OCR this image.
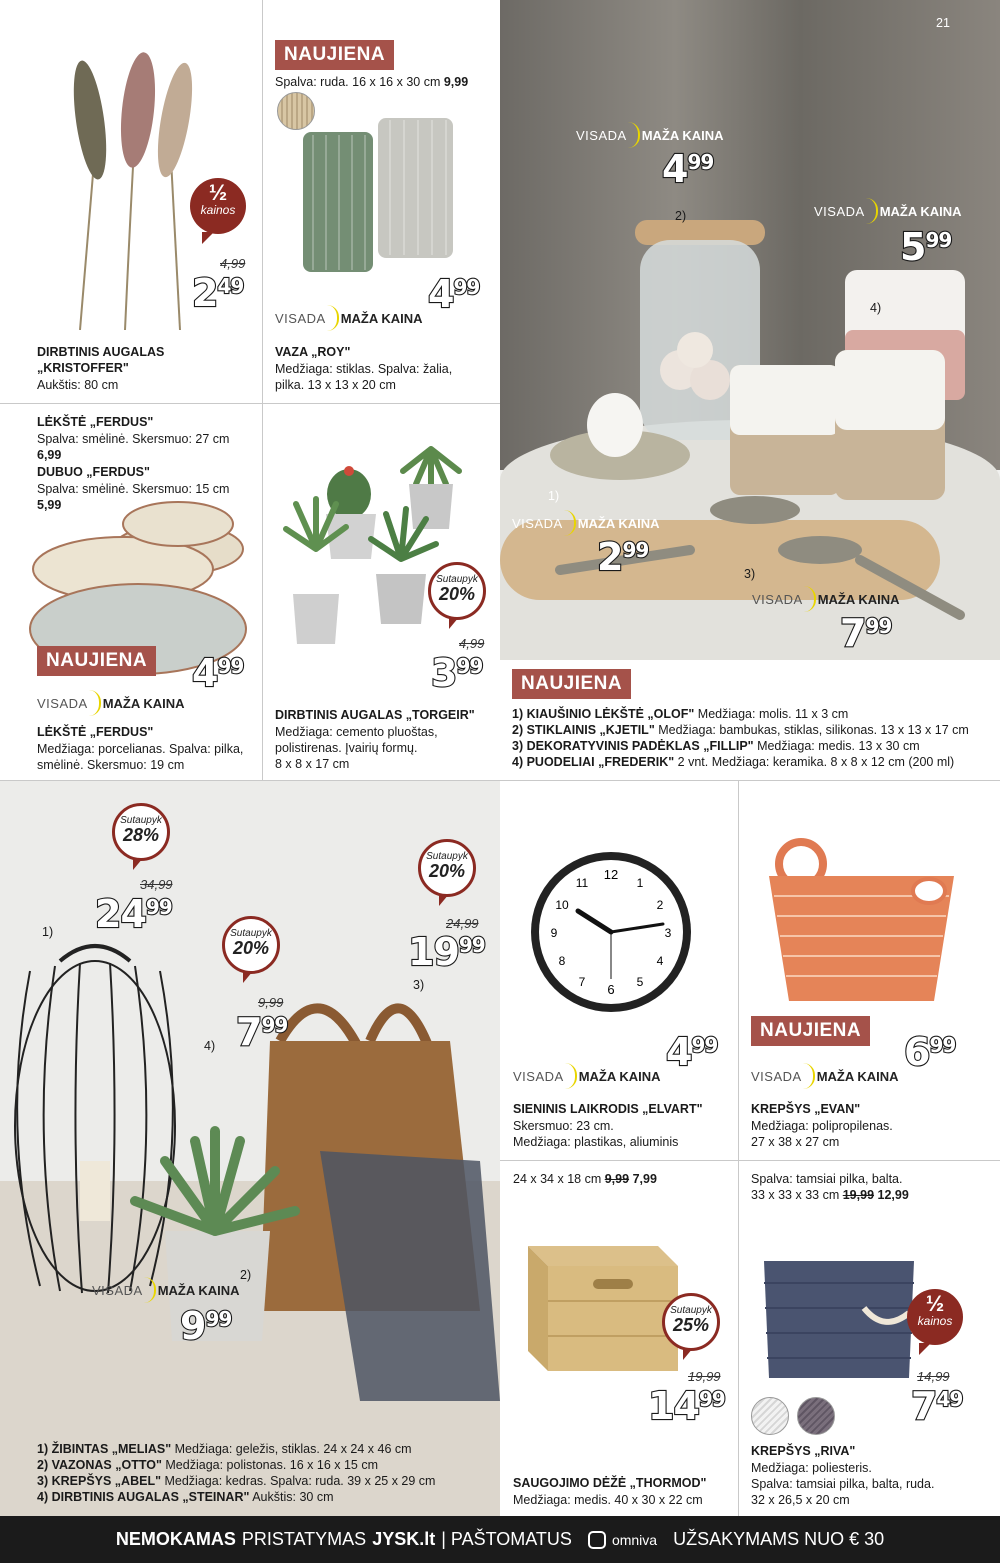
½
kainos
4,99
249
DIRBTINIS AUGALAS
„KRISTOFFER"
Aukštis: 80 cm
NAUJIENA
Spalva: ruda. 16 x 16 x 30 cm 9,99
499
VISADA MAŽA KAINA
VAZA „ROY"
Medžiaga: stiklas. Spalva: žalia,
pilka. 13 x 13 x 20 cm
LĖKŠTĖ „FERDUS"
Spalva: smėlinė. Skersmuo: 27 cm
6,99
DUBUO „FERDUS"
Spalva: smėlinė. Skersmuo: 15 cm
5,99
NAUJIENA 499
VISADA MAŽA KAINA
LĖKŠTĖ „FERDUS"
Medžiaga: porcelianas. Spalva: pilka,
smėlinė. Skersmuo: 19 cm
Sutaupyk
20%
4,99
399
DIRBTINIS AUGALAS „TORGEIR"
Medžiaga: cemento pluoštas,
polistirenas. Įvairių formų.
8 x 8 x 17 cm
21
2)
4)
1)
3)
VISADA MAŽA KAINA
499
VISADA MAŽA KAINA
599
VISADA MAŽA KAINA
299
VISADA MAŽA KAINA
799
NAUJIENA
1) KIAUŠINIO LĖKŠTĖ „OLOF" Medžiaga: molis. 11 x 3 cm
2) STIKLAINIS „KJETIL" Medžiaga: bambukas, stiklas, silikonas. 13 x 13 x 17 cm
3) DEKORATYVINIS PADĖKLAS „FILLIP" Medžiaga: medis. 13 x 30 cm
4) PUODELIAI „FREDERIK" 2 vnt. Medžiaga: keramika. 8 x 8 x 12 cm (200 ml)
1)
4)
3)
2)
Sutaupyk
28%
34,99
2499
Sutaupyk
20%
9,99
799
Sutaupyk
20%
24,99
1999
VISADA MAŽA KAINA
999
1) ŽIBINTAS „MELIAS" Medžiaga: geležis, stiklas. 24 x 24 x 46 cm
2) VAZONAS „OTTO" Medžiaga: polistonas. 16 x 16 x 15 cm
3) KREPŠYS „ABEL" Medžiaga: kedras. Spalva: ruda. 39 x 25 x 29 cm
4) DIRBTINIS AUGALAS „STEINAR" Aukštis: 30 cm
12
1
2
3
4
5
6
7
8
9
10
11
499
VISADA MAŽA KAINA
SIENINIS LAIKRODIS „ELVART"
Skersmuo: 23 cm.
Medžiaga: plastikas, aliuminis
NAUJIENA 699
VISADA MAŽA KAINA
KREPŠYS „EVAN"
Medžiaga: polipropilenas.
27 x 38 x 27 cm
24 x 34 x 18 cm 9,99 7,99
Sutaupyk
25%
19,99
1499
SAUGOJIMO DĖŽĖ „THORMOD"
Medžiaga: medis. 40 x 30 x 22 cm
Spalva: tamsiai pilka, balta.
33 x 33 x 33 cm 19,99 12,99
½
kainos
14,99
749
KREPŠYS „RIVA"
Medžiaga: poliesteris.
Spalva: tamsiai pilka, balta, ruda.
32 x 26,5 x 20 cm
NEMOKAMAS PRISTATYMAS JYSK.lt | PAŠTOMATUS	omniva UŽSAKYMAMS NUO € 30
